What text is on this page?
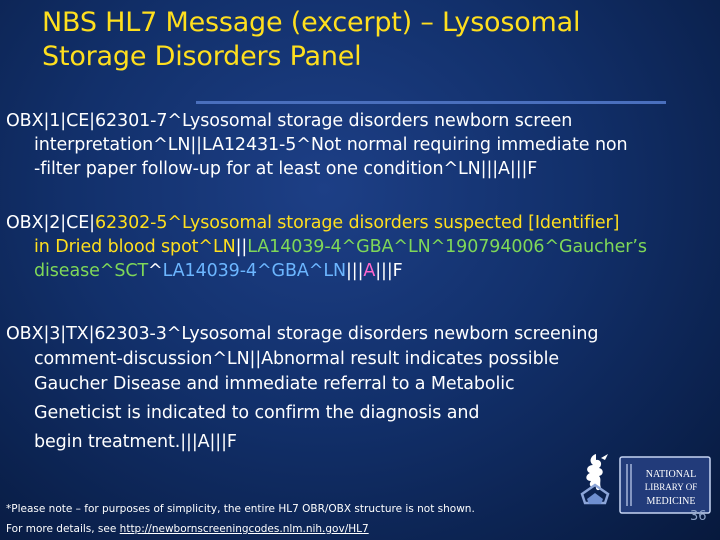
NBS HL7 Message (excerpt) – Lysosomal
Storage Disorders Panel
OBX|1|CE|62301-7^Lysosomal storage disorders newborn screen
interpretation^LN||LA12431-5^Not normal requiring immediate non
-filter paper follow-up for at least one condition^LN|||A|||F
OBX|2|CE|62302-5^Lysosomal storage disorders suspected [Identifier]
in Dried blood spot^LN||LA14039-4^GBA^LN^190794006^Gaucher’s
disease^SCT^LA14039-4^GBA^LN|||A|||F
OBX|3|TX|62303-3^Lysosomal storage disorders newborn screening
comment-discussion^LN||Abnormal result indicates possible
Gaucher Disease and immediate referral to a Metabolic
Geneticist is indicated to confirm the diagnosis and
begin treatment.|||A|||F
*Please note – for purposes of simplicity, the entire HL7 OBR/OBX structure is not shown.
For more details, see http://newbornscreeningcodes.nlm.nih.gov/HL7
NATIONAL
LIBRARY OF
MEDICINE
36
